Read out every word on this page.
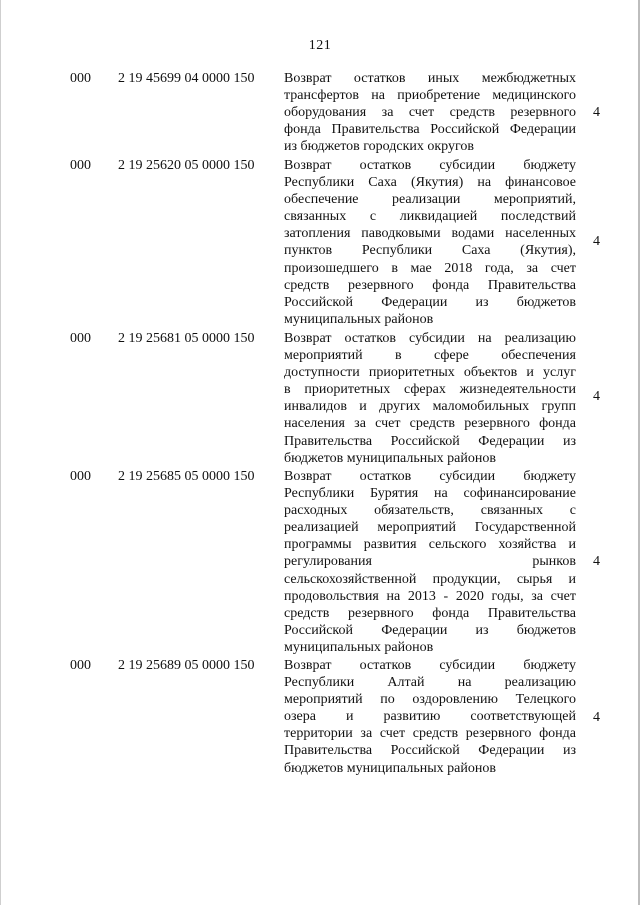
121
000 2 19 45699 04 0000 150 Возврат остатков иных межбюджетных
трансфертов на приобретение медицинского
оборудования за счет средств резервного
фонда Правительства Российской Федерации
из бюджетов городских округов
4
000 2 19 25620 05 0000 150 Возврат остатков субсидии бюджету
Республики Саха (Якутия) на финансовое
обеспечение реализации мероприятий,
связанных с ликвидацией последствий
затопления паводковыми водами населенных
пунктов Республики Саха (Якутия),
произошедшего в мае 2018 года, за счет
средств резервного фонда Правительства
Российской Федерации из бюджетов
муниципальных районов
4
000 2 19 25681 05 0000 150 Возврат остатков субсидии на реализацию
мероприятий в сфере обеспечения
доступности приоритетных объектов и услуг
в приоритетных сферах жизнедеятельности
инвалидов и других маломобильных групп
населения за счет средств резервного фонда
Правительства Российской Федерации из
бюджетов муниципальных районов
4
000 2 19 25685 05 0000 150 Возврат остатков субсидии бюджету
Республики Бурятия на софинансирование
расходных обязательств, связанных с
реализацией мероприятий Государственной
программы развития сельского хозяйства и
регулирования рынков
сельскохозяйственной продукции, сырья и
продовольствия на 2013 - 2020 годы, за счет
средств резервного фонда Правительства
Российской Федерации из бюджетов
муниципальных районов
4
000 2 19 25689 05 0000 150 Возврат остатков субсидии бюджету
Республики Алтай на реализацию
мероприятий по оздоровлению Телецкого
озера и развитию соответствующей
территории за счет средств резервного фонда
Правительства Российской Федерации из
бюджетов муниципальных районов
4
